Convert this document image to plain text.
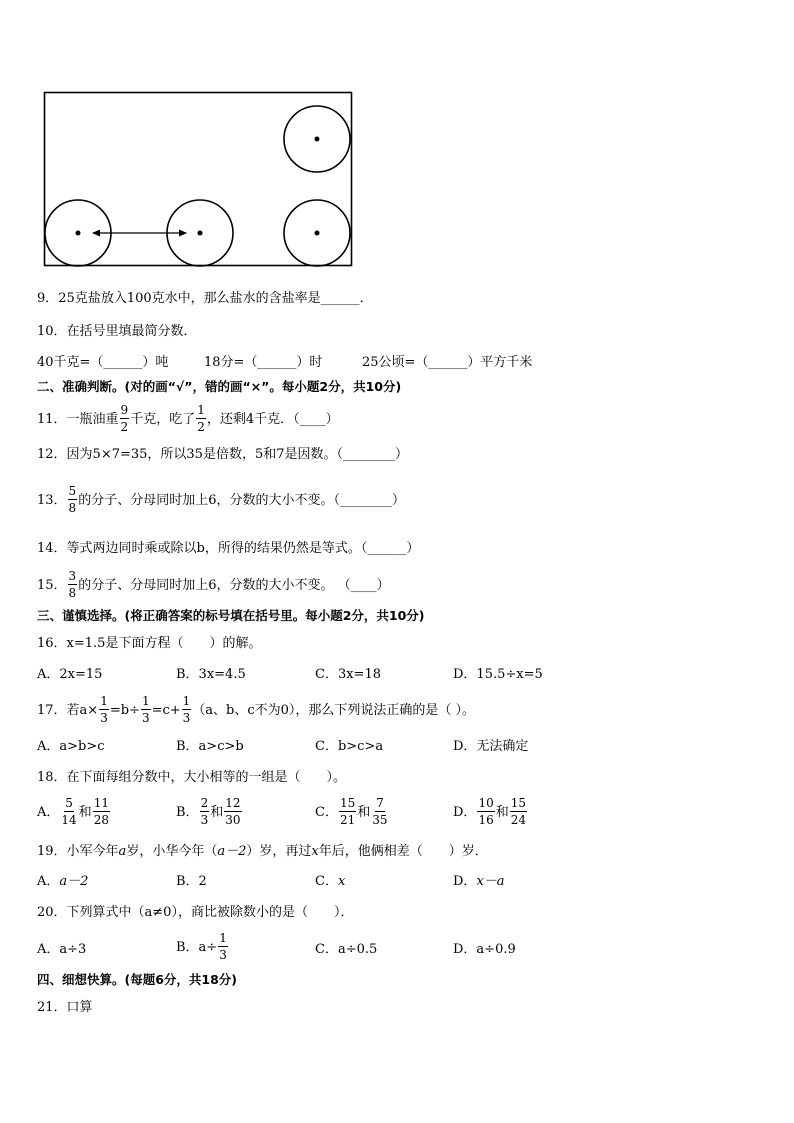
9．25克盐放入100克水中，那么盐水的含盐率是______．
10．在括号里填最简分数．
40千克=（______）吨	18分=（______）时	25公顷=（______）平方千米
二、准确判断。(对的画“√”，错的画“×”。每小题2分，共10分)
11．一瓶油重 $\frac{9}{2}$ 千克，吃了 $\frac{1}{2}$ ，还剩4千克．（____）
12．因为5×7=35，所以35是倍数，5和7是因数。（________）
13． $\frac{5}{8}$ 的分子、分母同时加上6，分数的大小不变。（________）
14．等式两边同时乘或除以b，所得的结果仍然是等式。（______）
15． $\frac{3}{8}$ 的分子、分母同时加上6，分数的大小不变。 （____）
三、谨慎选择。(将正确答案的标号填在括号里。每小题2分，共10分)
16．x=1.5是下面方程（　　）的解。
A．2x=15	B．3x=4.5	C．3x=18	D．15.5÷x=5
17．若$a\times \frac{1}{3} =b\div \frac{1}{3} =c+ \frac{1}{3} (a$、b、c不为0），那么下列说法正确的是（ ）。
A．a>b>c	B．a>c>b	C．b>c>a	D．无法确定
18．在下面每组分数中，大小相等的一组是（　　）。
A． $\frac{5}{14}$ 和 $\frac{11}{28}$	B． $\frac{2}{3}$ 和 $\frac{12}{30}$	C． $\frac{15}{21}$ 和 $\frac{7}{35}$	D． $\frac{10}{16}$ 和 $\frac{15}{24}$
19．小军今年a岁，小华今年（a－2）岁，再过x年后，他俩相差（　　）岁．
A．a－2	B．2	C．x	D．x－a
20．下列算式中（a≠0），商比被除数小的是（　　）．
A．a÷3	B．$a\div \frac{1}{3}$	C．a÷0.5	D．a÷0.9
四、细想快算。(每题6分，共18分)
21．口算
